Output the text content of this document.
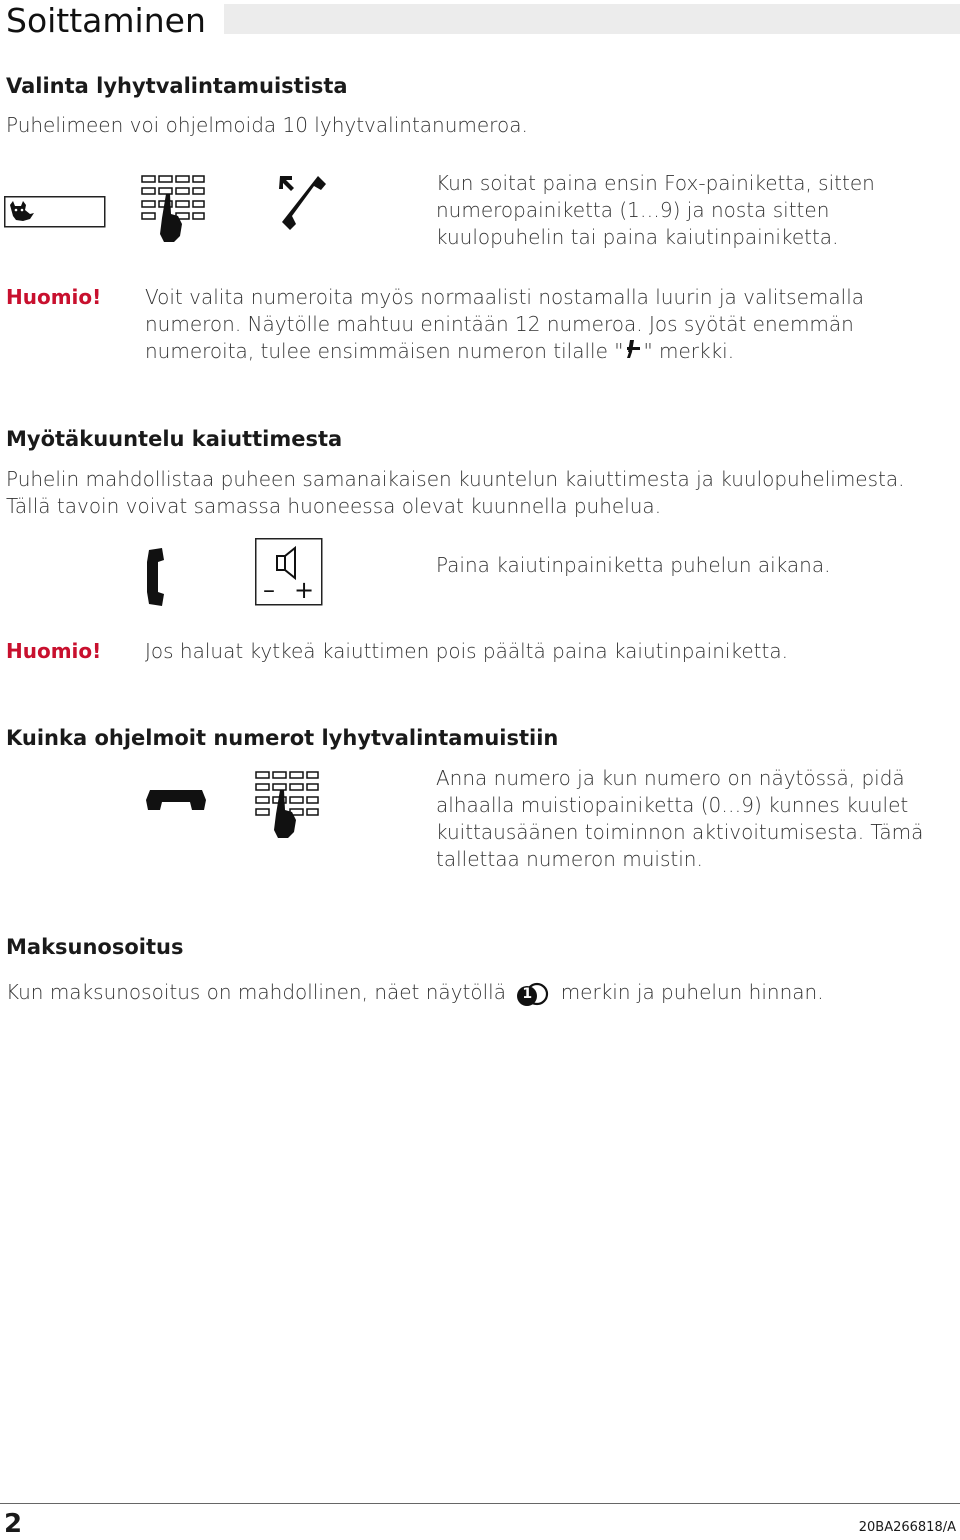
Soittaminen
Valinta lyhytvalintamuistista

Puhelimeen voi ohjelmoida 10 lyhytvalintanumeroa.

Kun soitat paina ensin Fox-painiketta, sitten
numeropainiketta (1…9) ja nosta sitten
kuulopuhelin tai paina kaiutinpainiketta.

Huomio! Voit valita numeroita myös normaalisti nostamalla luurin ja valitsemalla
numeron. Näytölle mahtuu enintään 12 numeroa. Jos syötät enemmän
numeroita, tulee ensimmäisen numeron tilalle " " merkki.

Myötäkuuntelu kaiuttimesta

Puhelin mahdollistaa puheen samanaikaisen kuuntelun kaiuttimesta ja kuulopuhelimesta.
Tällä tavoin voivat samassa huoneessa olevat kuunnella puhelua.

– +

Paina kaiutinpainiketta puhelun aikana.

Huomio! Jos haluat kytkeä kaiuttimen pois päältä paina kaiutinpainiketta.

Kuinka ohjelmoit numerot lyhytvalintamuistiin

Anna numero ja kun numero on näytössä, pidä
alhaalla muistiopainiketta (0…9) kunnes kuulet
kuittausäänen toiminnon aktivoitumisesta. Tämä
tallettaa numeron muistin.

Maksunosoitus

Kun maksunosoitus on mahdollinen, näet näytöllä 1 merkin ja puhelun hinnan.

2	20BA266818/A
